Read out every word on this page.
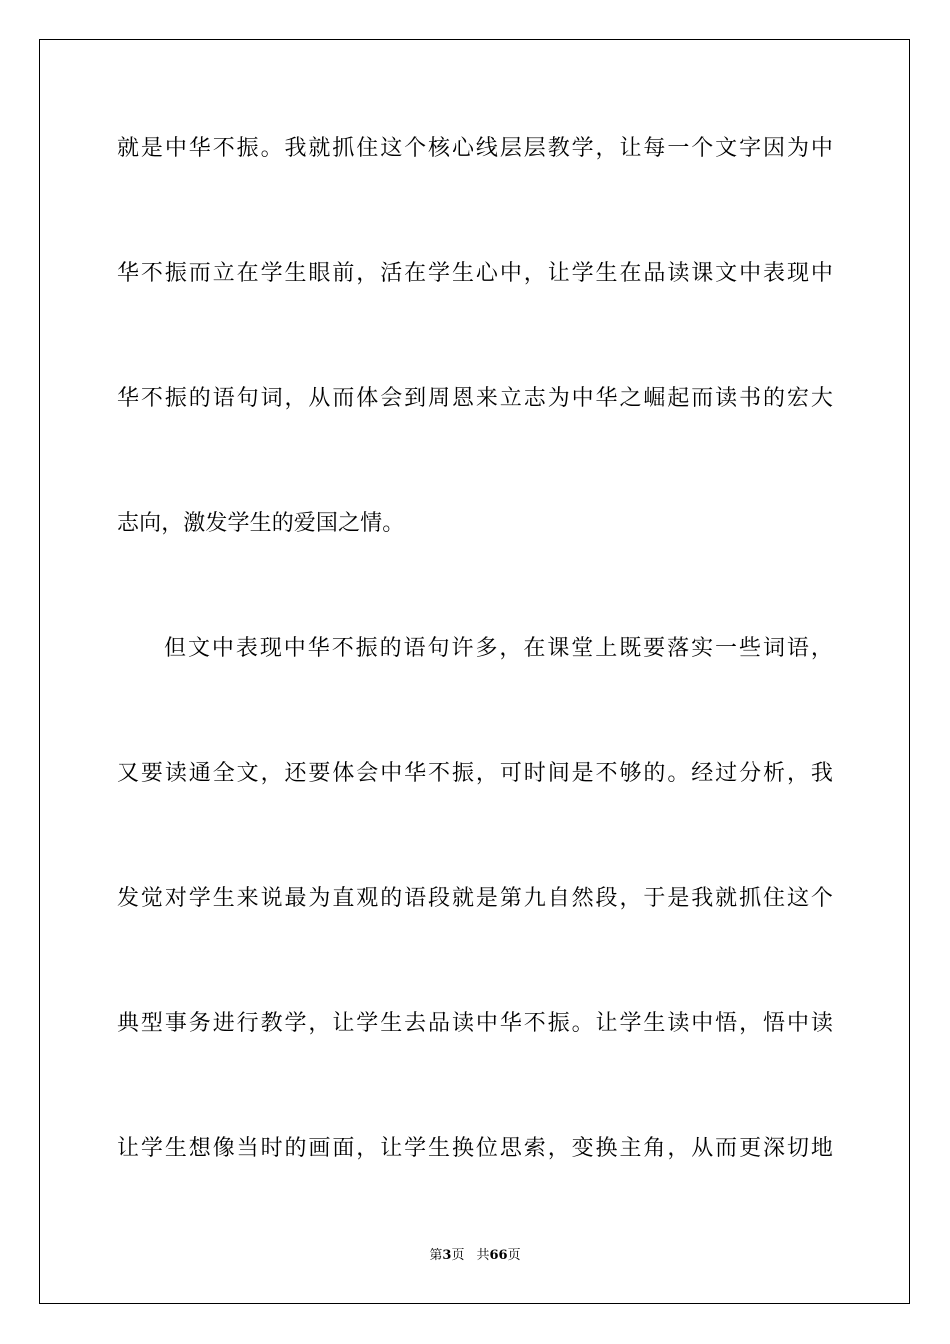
就是中华不振。我就抓住这个核心线层层教学，让每一个文字因为中
华不振而立在学生眼前，活在学生心中，让学生在品读课文中表现中
华不振的语句词，从而体会到周恩来立志为中华之崛起而读书的宏大
志向，激发学生的爱国之情。
但文中表现中华不振的语句许多，在课堂上既要落实一些词语，
又要读通全文，还要体会中华不振，可时间是不够的。经过分析，我
发觉对学生来说最为直观的语段就是第九自然段，于是我就抓住这个
典型事务进行教学，让学生去品读中华不振。让学生读中悟，悟中读
让学生想像当时的画面，让学生换位思索，变换主角，从而更深切地
第3页 共66页
